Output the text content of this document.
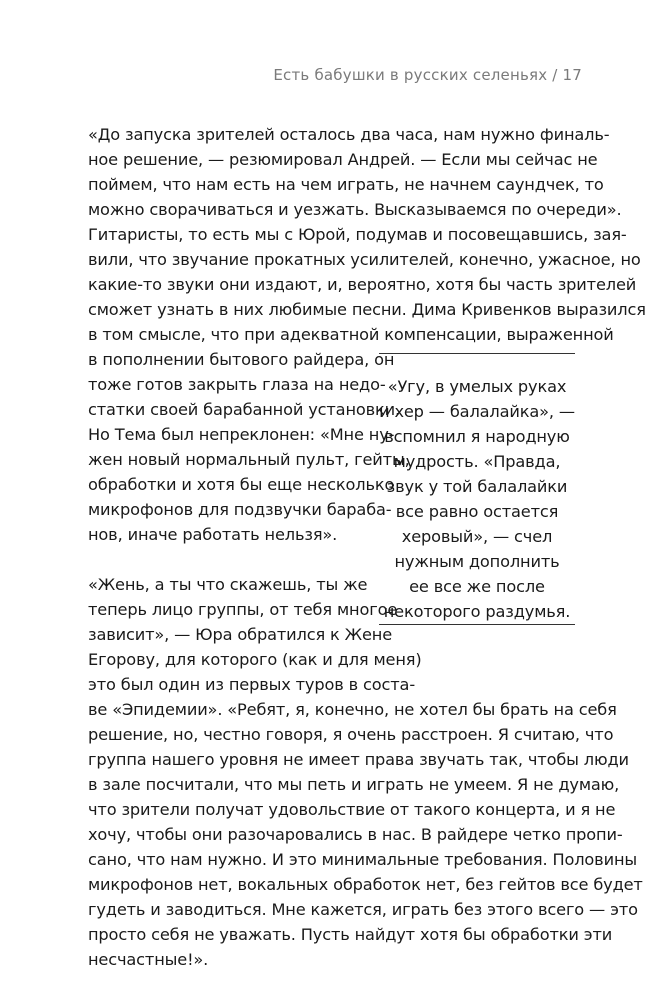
Есть бабушки в русских селеньях / 17
«До запуска зрителей осталось два часа, нам нужно финаль-
ное решение, — резюмировал Андрей. — Если мы сейчас не
поймем, что нам есть на чем играть, не начнем саундчек, то
можно сворачиваться и уезжать. Высказываемся по очереди».
Гитаристы, то есть мы с Юрой, подумав и посовещавшись, зая-
вили, что звучание прокатных усилителей, конечно, ужасное, но
какие-то звуки они издают, и, вероятно, хотя бы часть зрителей
сможет узнать в них любимые песни. Дима Кривенков выразился
в том смысле, что при адекватной компенсации, выраженной
в пополнении бытового райдера, он
тоже готов закрыть глаза на недо-
статки своей барабанной установки.
Но Тема был непреклонен: «Мне ну-
жен новый нормальный пульт, гейты,
обработки и хотя бы еще несколько
микрофонов для подзвучки бараба-
нов, иначе работать нельзя».
«Жень, а ты что скажешь, ты же
теперь лицо группы, от тебя многое
зависит», — Юра обратился к Жене
Егорову, для которого (как и для меня)
это был один из первых туров в соста-
ве «Эпидемии». «Ребят, я, конечно, не хотел бы брать на себя
решение, но, честно говоря, я очень расстроен. Я считаю, что
группа нашего уровня не имеет права звучать так, чтобы люди
в зале посчитали, что мы петь и играть не умеем. Я не думаю,
что зрители получат удовольствие от такого концерта, и я не
хочу, чтобы они разочаровались в нас. В райдере четко пропи-
сано, что нам нужно. И это минимальные требования. Половины
микрофонов нет, вокальных обработок нет, без гейтов все будет
гудеть и заводиться. Мне кажется, играть без этого всего — это
просто себя не уважать. Пусть найдут хотя бы обработки эти
несчастные!».
«Угу, в умелых руках
и хер — балалайка», —
вспомнил я народную
мудрость. «Правда,
звук у той балалайки
все равно остается
херовый», — счел
нужным дополнить
ее все же после
некоторого раздумья.
